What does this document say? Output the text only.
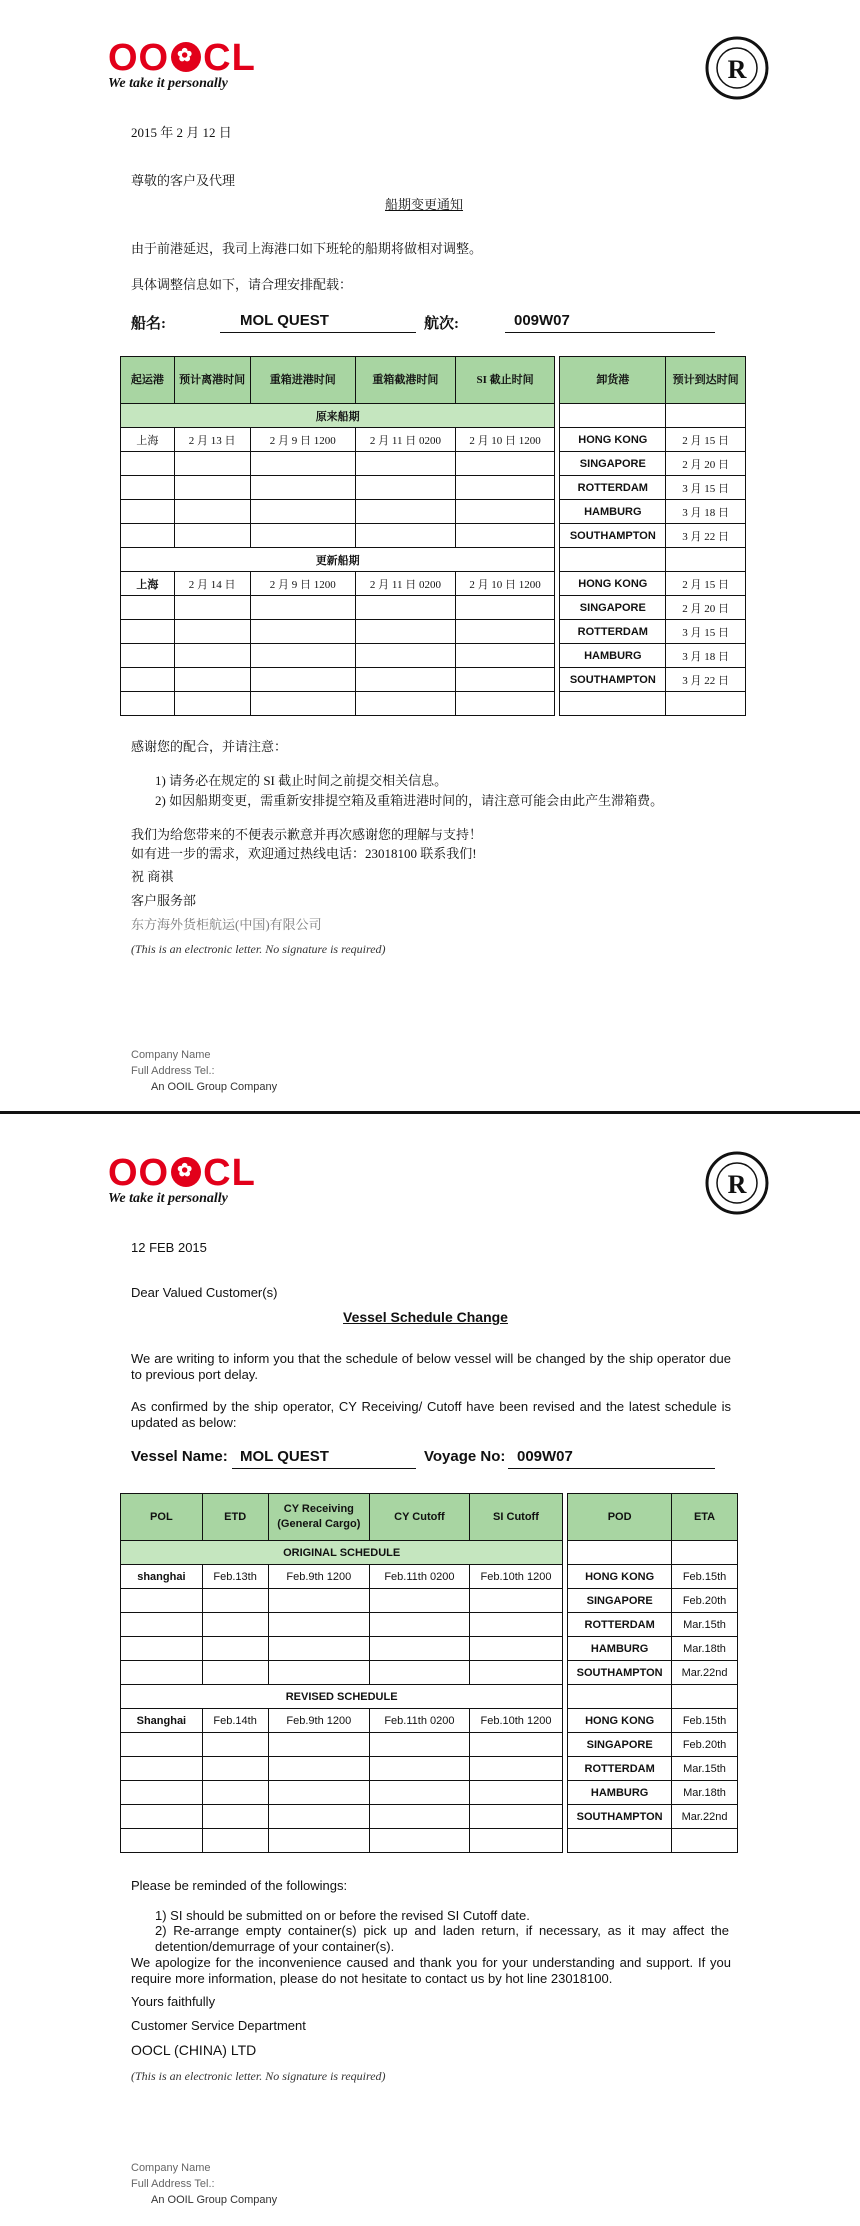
OO✿ CL
We take it personally	R
2015 年 2 月 12 日
尊敬的客户及代理
船期变更通知
由于前港延迟，我司上海港口如下班轮的船期将做相对调整。
具体调整信息如下，请合理安排配载：
船名:	MOL QUEST	航次:	009W07
起运港	预计离港时间	重箱进港时间	重箱截港时间	SI 截止时间		卸货港	预计到达时间
原来船期							
上海	2 月 13 日	2 月 9 日 1200	2 月 11 日 0200	2 月 10 日 1200		HONG KONG	2 月 15 日
						SINGAPORE	2 月 20 日
						ROTTERDAM	3 月 15 日
						HAMBURG	3 月 18 日
						SOUTHAMPTON	3 月 22 日
更新船期							
上海	2 月 14 日	2 月 9 日 1200	2 月 11 日 0200	2 月 10 日 1200		HONG KONG	2 月 15 日
						SINGAPORE	2 月 20 日
						ROTTERDAM	3 月 15 日
						HAMBURG	3 月 18 日
						SOUTHAMPTON	3 月 22 日

感谢您的配合，并请注意：
1) 请务必在规定的 SI 截止时间之前提交相关信息。
2) 如因船期变更，需重新安排提空箱及重箱进港时间的，请注意可能会由此产生滞箱费。
我们为给您带来的不便表示歉意并再次感谢您的理解与支持！
如有进一步的需求，欢迎通过热线电话：23018100 联系我们!
祝 商祺
客户服务部
东方海外货柜航运(中国)有限公司
(This is an electronic letter. No signature is required)
Company Name
Full Address Tel.:
An OOIL Group Company
OO✿ CL
We take it personally	R
12 FEB 2015
Dear Valued Customer(s)
Vessel Schedule Change
We are writing to inform you that the schedule of below vessel will be changed by the ship operator due to previous port delay.
As confirmed by the ship operator, CY Receiving/ Cutoff have been revised and the latest schedule is updated as below:
Vessel Name: MOL QUEST	Voyage No: 009W07
POL	ETD	CY Receiving (General Cargo)	CY Cutoff	SI Cutoff		POD	ETA
ORIGINAL SCHEDULE							
shanghai	Feb.13th	Feb.9th 1200	Feb.11th 0200	Feb.10th 1200		HONG KONG	Feb.15th
						SINGAPORE	Feb.20th
						ROTTERDAM	Mar.15th
						HAMBURG	Mar.18th
						SOUTHAMPTON	Mar.22nd
REVISED SCHEDULE							
Shanghai	Feb.14th	Feb.9th 1200	Feb.11th 0200	Feb.10th 1200		HONG KONG	Feb.15th
						SINGAPORE	Feb.20th
						ROTTERDAM	Mar.15th
						HAMBURG	Mar.18th
						SOUTHAMPTON	Mar.22nd

Please be reminded of the followings:
1) SI should be submitted on or before the revised SI Cutoff date.
2) Re-arrange empty container(s) pick up and laden return, if necessary, as it may affect the detention/demurrage of your container(s).
We apologize for the inconvenience caused and thank you for your understanding and support. If you require more information, please do not hesitate to contact us by hot line 23018100.
Yours faithfully
Customer Service Department
OOCL (CHINA) LTD
(This is an electronic letter. No signature is required)
Company Name
Full Address Tel.:
An OOIL Group Company
